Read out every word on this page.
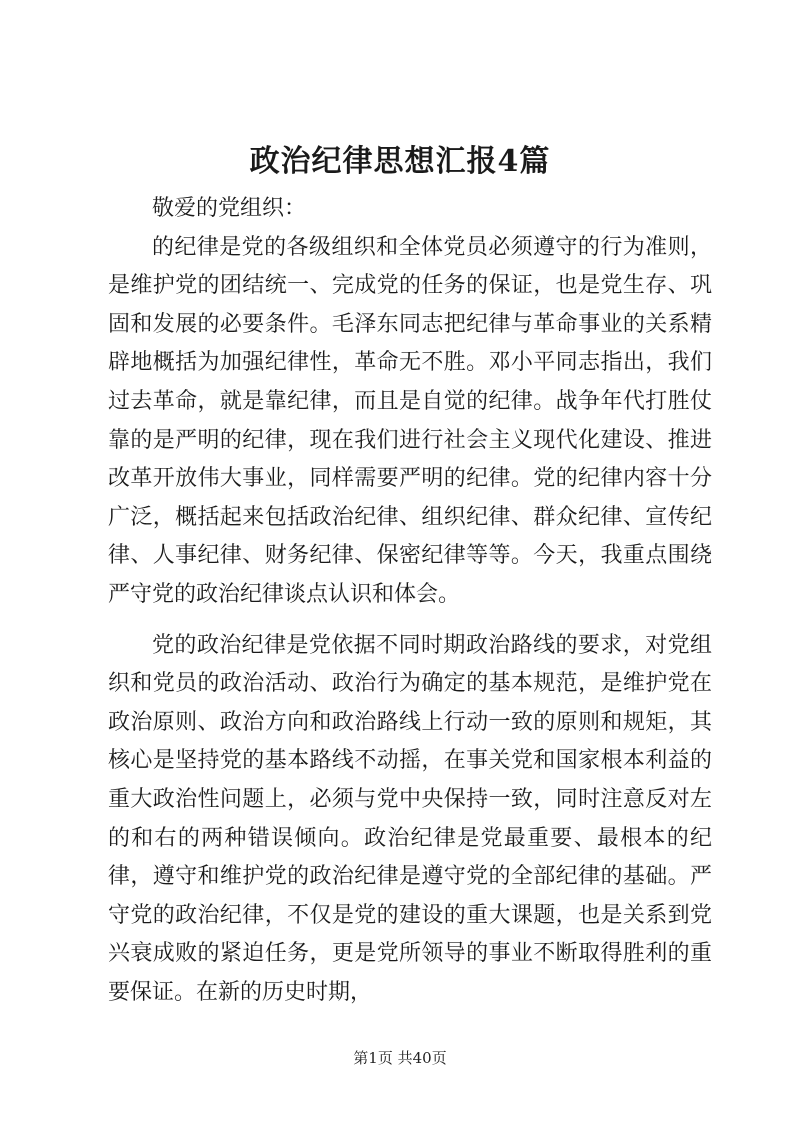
政治纪律思想汇报4篇

敬爱的党组织：

的纪律是党的各级组织和全体党员必须遵守的行为准则，是维护党的团结统一、完成党的任务的保证，也是党生存、巩固和发展的必要条件。毛泽东同志把纪律与革命事业的关系精辟地概括为加强纪律性，革命无不胜。邓小平同志指出，我们过去革命，就是靠纪律，而且是自觉的纪律。战争年代打胜仗靠的是严明的纪律，现在我们进行社会主义现代化建设、推进改革开放伟大事业，同样需要严明的纪律。党的纪律内容十分广泛，概括起来包括政治纪律、组织纪律、群众纪律、宣传纪律、人事纪律、财务纪律、保密纪律等等。今天，我重点围绕严守党的政治纪律谈点认识和体会。

党的政治纪律是党依据不同时期政治路线的要求，对党组织和党员的政治活动、政治行为确定的基本规范，是维护党在政治原则、政治方向和政治路线上行动一致的原则和规矩，其核心是坚持党的基本路线不动摇，在事关党和国家根本利益的重大政治性问题上，必须与党中央保持一致，同时注意反对左的和右的两种错误倾向。政治纪律是党最重要、最根本的纪律，遵守和维护党的政治纪律是遵守党的全部纪律的基础。严守党的政治纪律，不仅是党的建设的重大课题，也是关系到党兴衰成败的紧迫任务，更是党所领导的事业不断取得胜利的重要保证。在新的历史时期，

第1页 共40页
